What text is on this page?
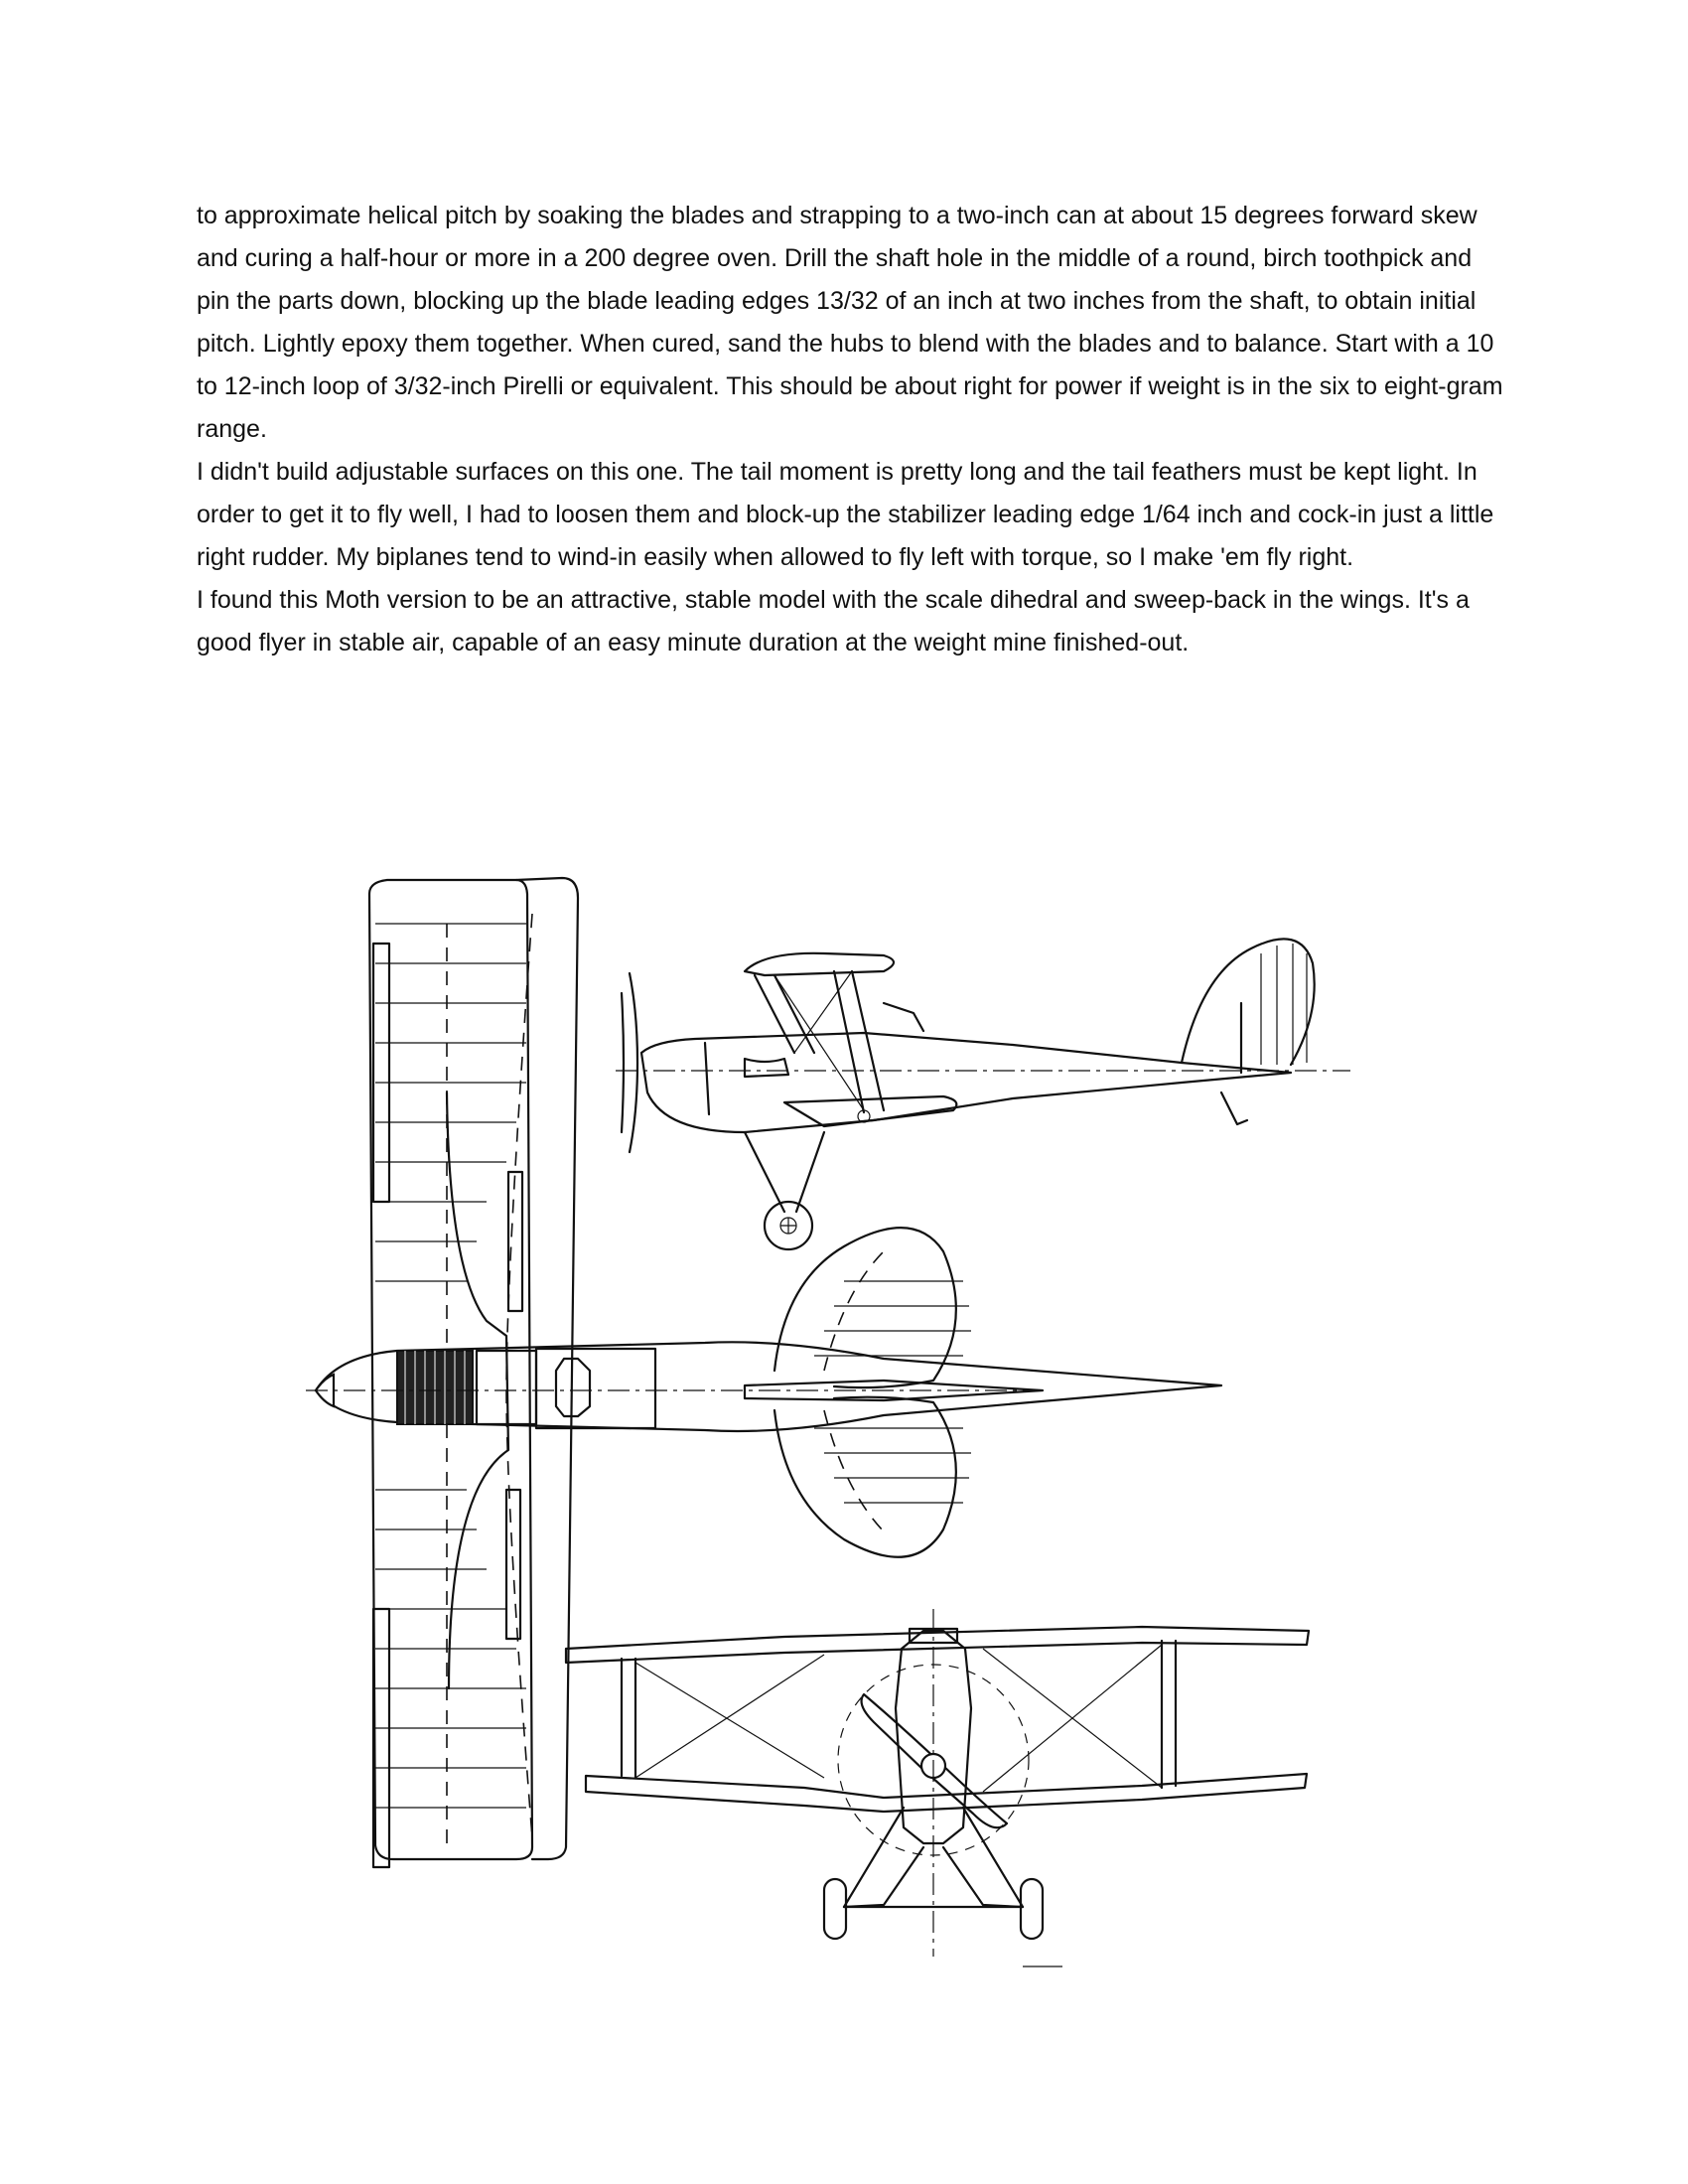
to approximate helical pitch by soaking the blades and strapping to a two-inch can at about 15 degrees forward skew and curing a half-hour or more in a 200 degree oven. Drill the shaft hole in the middle of a round, birch toothpick and pin the parts down, blocking up the blade leading edges 13/32 of an inch at two inches from the shaft, to obtain initial pitch. Lightly epoxy them together. When cured, sand the hubs to blend with the blades and to balance. Start with a 10 to 12-inch loop of 3/32-inch Pirelli or equivalent. This should be about right for power if weight is in the six to eight-gram range.

I didn't build adjustable surfaces on this one. The tail moment is pretty long and the tail feathers must be kept light. In order to get it to fly well, I had to loosen them and block-up the stabilizer leading edge 1/64 inch and cock-in just a little right rudder. My biplanes tend to wind-in easily when allowed to fly left with torque, so I make 'em fly right.

I found this Moth version to be an attractive, stable model with the scale dihedral and sweep-back in the wings. It's a good flyer in stable air, capable of an easy minute duration at the weight mine finished-out.
